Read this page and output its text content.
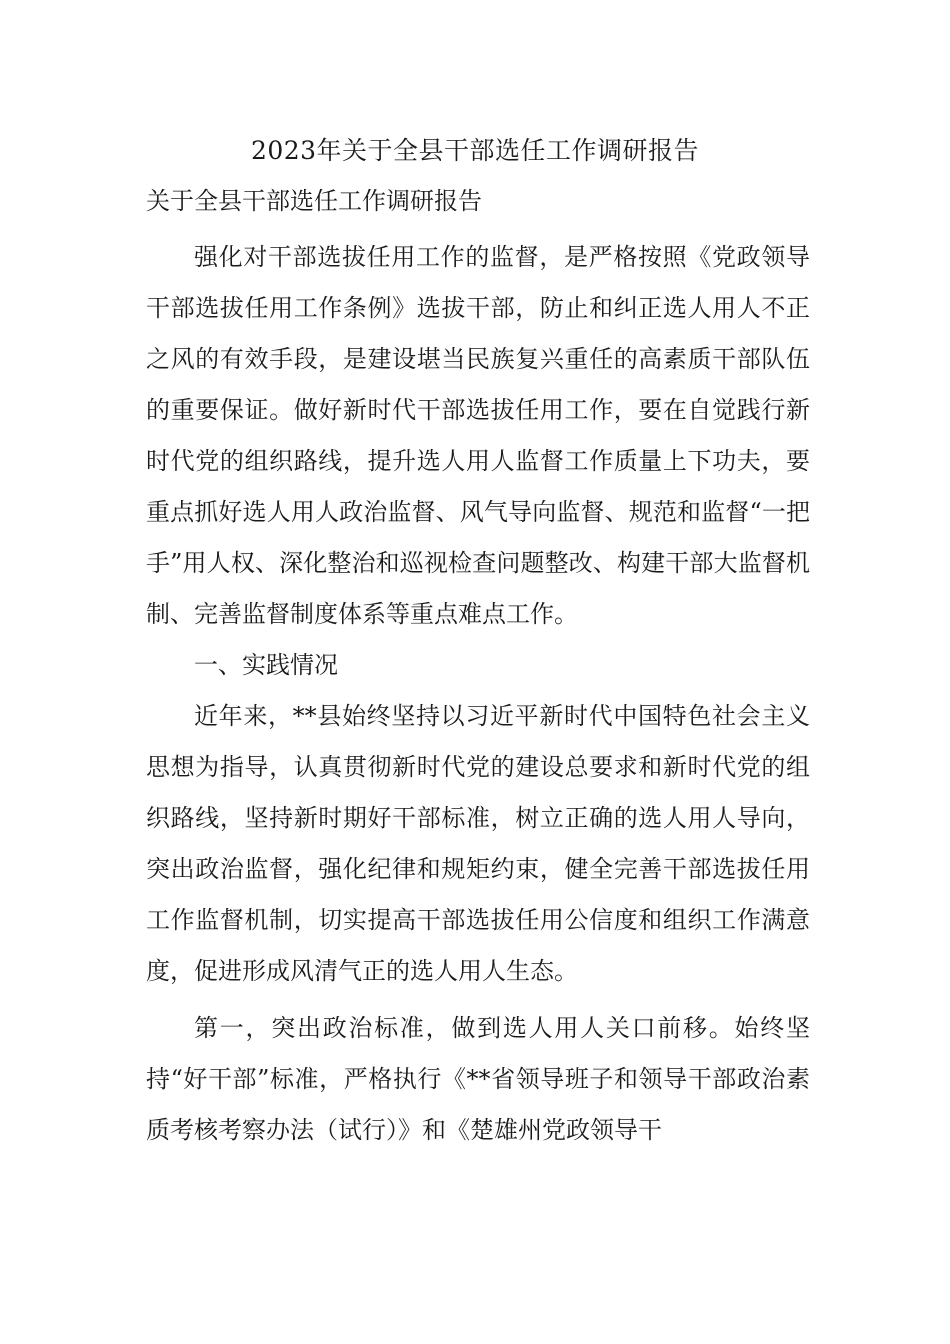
2023年关于全县干部选任工作调研报告
关于全县干部选任工作调研报告

强化对干部选拔任用工作的监督，是严格按照《党政领导干部选拔任用工作条例》选拔干部，防止和纠正选人用人不正之风的有效手段，是建设堪当民族复兴重任的高素质干部队伍的重要保证。做好新时代干部选拔任用工作，要在自觉践行新时代党的组织路线，提升选人用人监督工作质量上下功夫，要重点抓好选人用人政治监督、风气导向监督、规范和监督“一把手”用人权、深化整治和巡视检查问题整改、构建干部大监督机制、完善监督制度体系等重点难点工作。

一、实践情况

近年来，**县始终坚持以习近平新时代中国特色社会主义思想为指导，认真贯彻新时代党的建设总要求和新时代党的组织路线，坚持新时期好干部标准，树立正确的选人用人导向，突出政治监督，强化纪律和规矩约束，健全完善干部选拔任用工作监督机制，切实提高干部选拔任用公信度和组织工作满意度，促进形成风清气正的选人用人生态。

第一，突出政治标准，做到选人用人关口前移。始终坚持“好干部”标准，严格执行《**省领导班子和领导干部政治素质考核考察办法（试行）》和《楚雄州党政领导干
